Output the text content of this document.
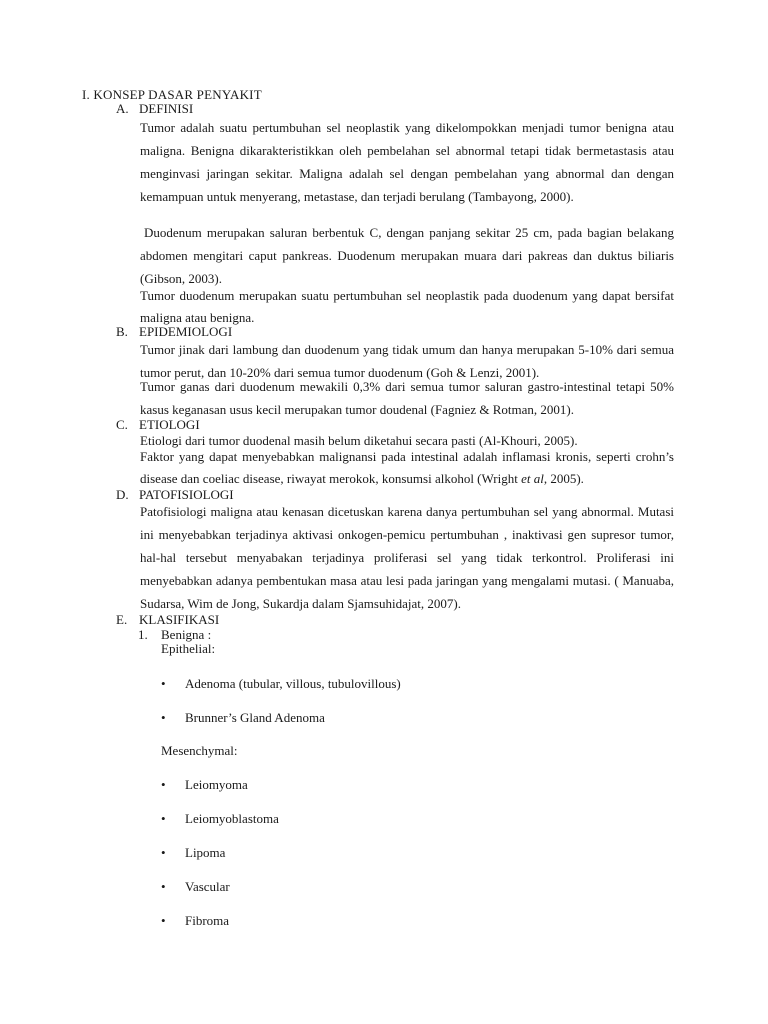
I. KONSEP DASAR PENYAKIT
A. DEFINISI
Tumor adalah suatu pertumbuhan sel neoplastik yang dikelompokkan menjadi tumor benigna atau maligna. Benigna dikarakteristikkan oleh pembelahan sel abnormal tetapi tidak bermetastasis atau menginvasi jaringan sekitar. Maligna adalah sel dengan pembelahan yang abnormal dan dengan kemampuan untuk menyerang, metastase, dan terjadi berulang (Tambayong, 2000).
Duodenum merupakan saluran berbentuk C, dengan panjang sekitar 25 cm, pada bagian belakang abdomen mengitari caput pankreas. Duodenum merupakan muara dari pakreas dan duktus biliaris (Gibson, 2003).
Tumor duodenum merupakan suatu pertumbuhan sel neoplastik pada duodenum yang dapat bersifat maligna atau benigna.
B. EPIDEMIOLOGI
Tumor jinak dari lambung dan duodenum yang tidak umum dan hanya merupakan 5-10% dari semua tumor perut, dan 10-20% dari semua tumor duodenum (Goh & Lenzi, 2001).
Tumor ganas dari duodenum mewakili 0,3% dari semua tumor saluran gastro-intestinal tetapi 50% kasus keganasan usus kecil merupakan tumor doudenal (Fagniez & Rotman, 2001).
C. ETIOLOGI
Etiologi dari tumor duodenal masih belum diketahui secara pasti (Al-Khouri, 2005).
Faktor yang dapat menyebabkan malignansi pada intestinal adalah inflamasi kronis, seperti crohn’s disease dan coeliac disease, riwayat merokok, konsumsi alkohol (Wright et al, 2005).
D. PATOFISIOLOGI
Patofisiologi maligna atau kenasan dicetuskan karena danya pertumbuhan sel yang abnormal. Mutasi ini menyebabkan terjadinya aktivasi onkogen-pemicu pertumbuhan , inaktivasi gen supresor tumor, hal-hal tersebut menyabakan terjadinya proliferasi sel yang tidak terkontrol. Proliferasi ini menyebabkan adanya pembentukan masa atau lesi pada jaringan yang mengalami mutasi. ( Manuaba, Sudarsa, Wim de Jong, Sukardja dalam Sjamsuhidajat, 2007).
E. KLASIFIKASI
1. Benigna :
Epithelial:
• Adenoma (tubular, villous, tubulovillous)
• Brunner’s Gland Adenoma
Mesenchymal:
• Leiomyoma
• Leiomyoblastoma
• Lipoma
• Vascular
• Fibroma
